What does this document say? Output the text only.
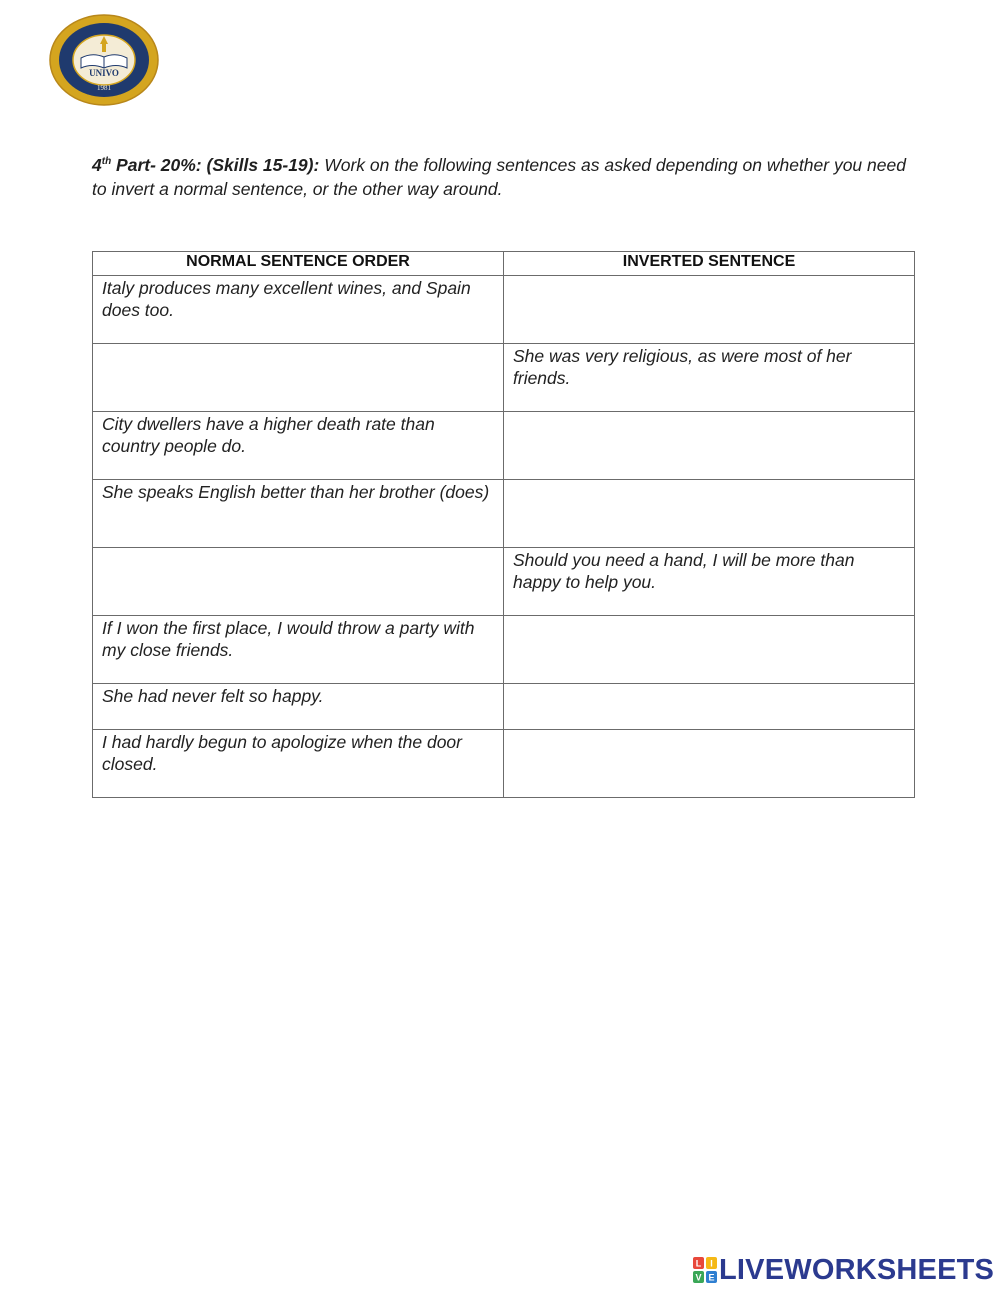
UNIVO
1981
4th Part- 20%: (Skills 15-19): Work on the following sentences as asked depending on whether you need to invert a normal sentence, or the other way around.
NORMAL SENTENCE ORDER	INVERTED SENTENCE
Italy produces many excellent wines, and Spain does too.	
	She was very religious, as were most of her friends.
City dwellers have a higher death rate than country people do.	
She speaks English better than her brother (does)	
	Should you need a hand, I will be more than happy to help you.
If I won the first place, I would throw a party with my close friends.	
She had never felt so happy.	
I had hardly begun to apologize when the door closed.	
L I
V E LIVEWORKSHEETS
